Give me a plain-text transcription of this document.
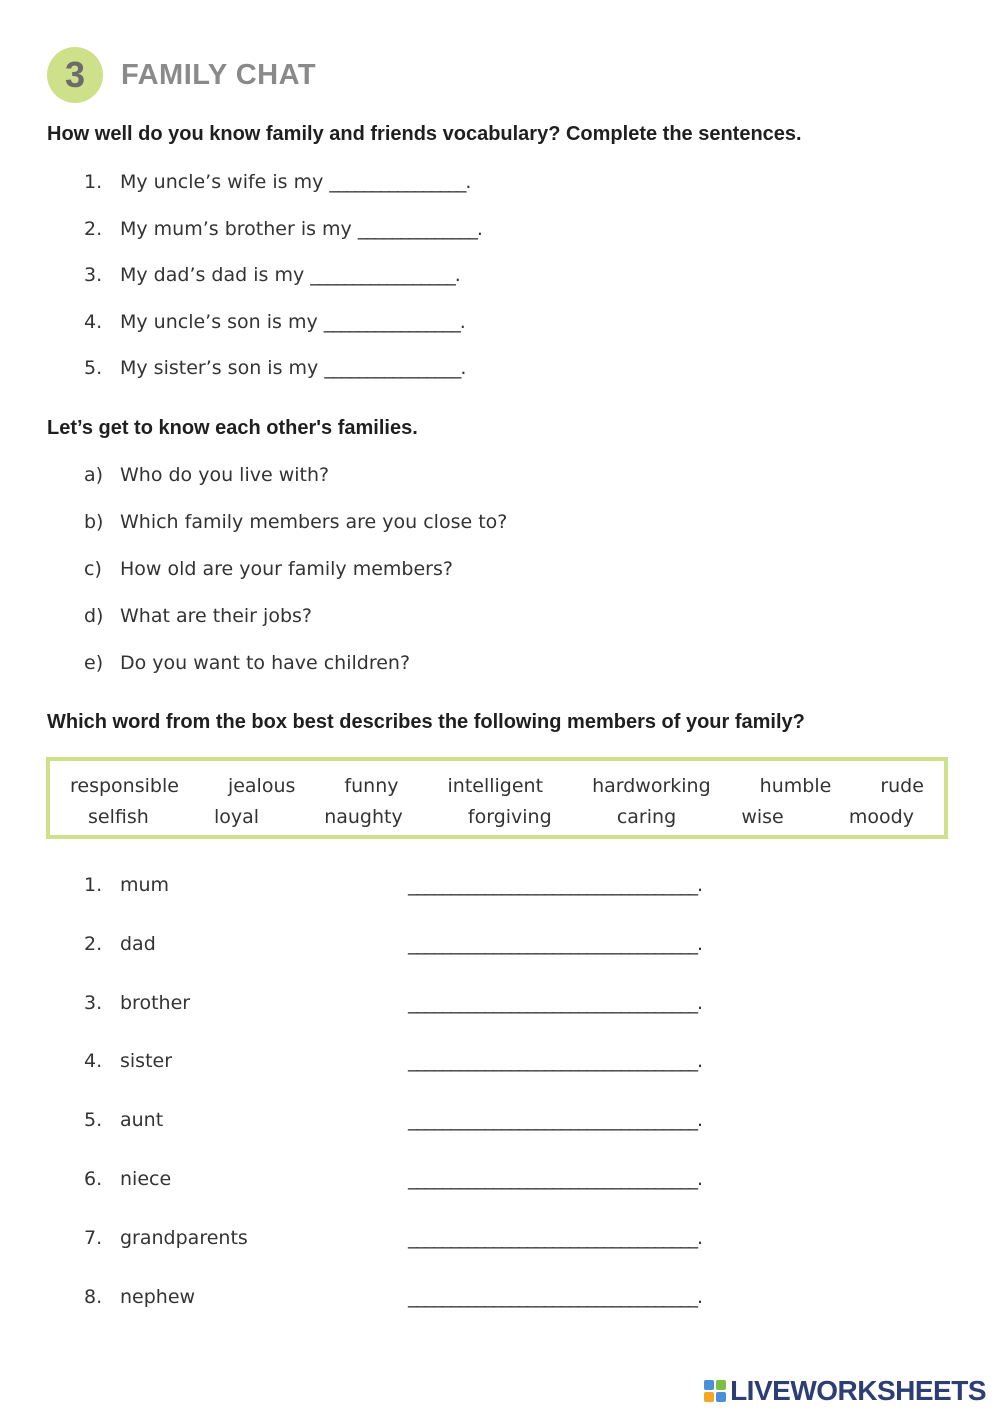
3	FAMILY CHAT
How well do you know family and friends vocabulary? Complete the sentences.
1. My uncle’s wife is my
________________.
2. My mum’s brother is my
______________.
3. My dad’s dad is my
_________________.
4. My uncle’s son is my
________________.
5. My sister’s son is my
________________.
Let’s get to know each other's families.
a) Who do you live with?
b) Which family members are you close to?
c) How old are your family members?
d) What are their jobs?
e) Do you want to have children?
Which word from the box best describes the following members of your family?
responsible	jealous	funny	intelligent	hardworking	humble	rude
selfish	loyal	naughty	forgiving	caring	wise	moody
1. mum	__________________________________.
2. dad	__________________________________.
3. brother	__________________________________.
4. sister	__________________________________.
5. aunt	__________________________________.
6. niece	__________________________________.
7. grandparents	__________________________________.
8. nephew	__________________________________.
LIVEWORKSHEETS
